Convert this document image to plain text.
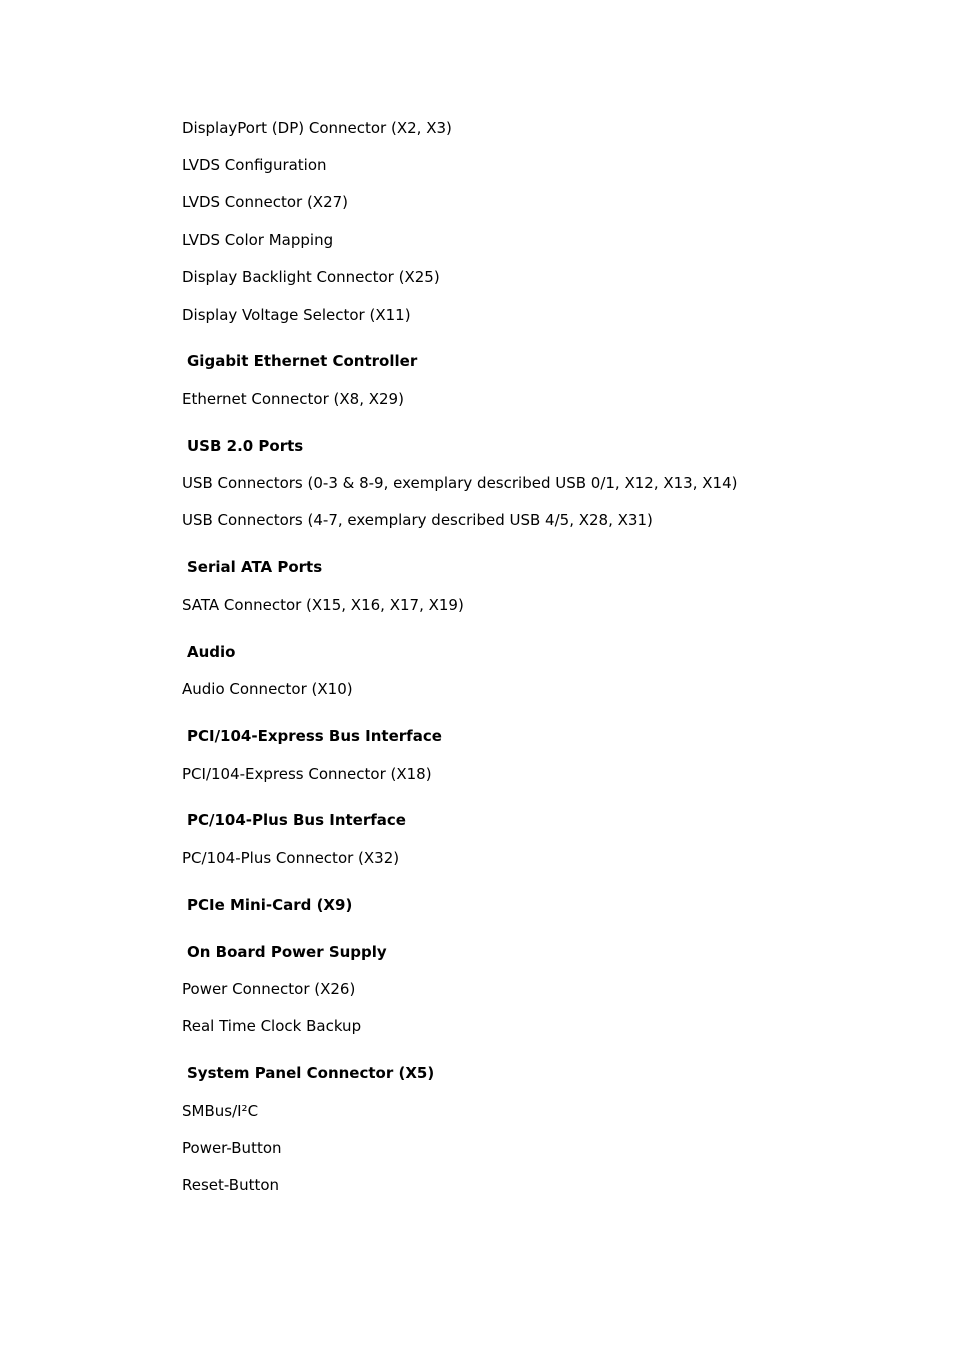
DisplayPort (DP) Connector (X2, X3)
LVDS Configuration
LVDS Connector (X27)
LVDS Color Mapping
Display Backlight Connector (X25)
Display Voltage Selector (X11)
Gigabit Ethernet Controller
Ethernet Connector (X8, X29)
USB 2.0 Ports
USB Connectors (0-3 & 8-9, exemplary described USB 0/1, X12, X13, X14)
USB Connectors (4-7, exemplary described USB 4/5, X28, X31)
Serial ATA Ports
SATA Connector (X15, X16, X17, X19)
Audio
Audio Connector (X10)
PCI/104-Express Bus Interface
PCI/104-Express Connector (X18)
PC/104-Plus Bus Interface
PC/104-Plus Connector (X32)
PCIe Mini-Card (X9)
On Board Power Supply
Power Connector (X26)
Real Time Clock Backup
System Panel Connector (X5)
SMBus/I²C
Power-Button
Reset-Button
